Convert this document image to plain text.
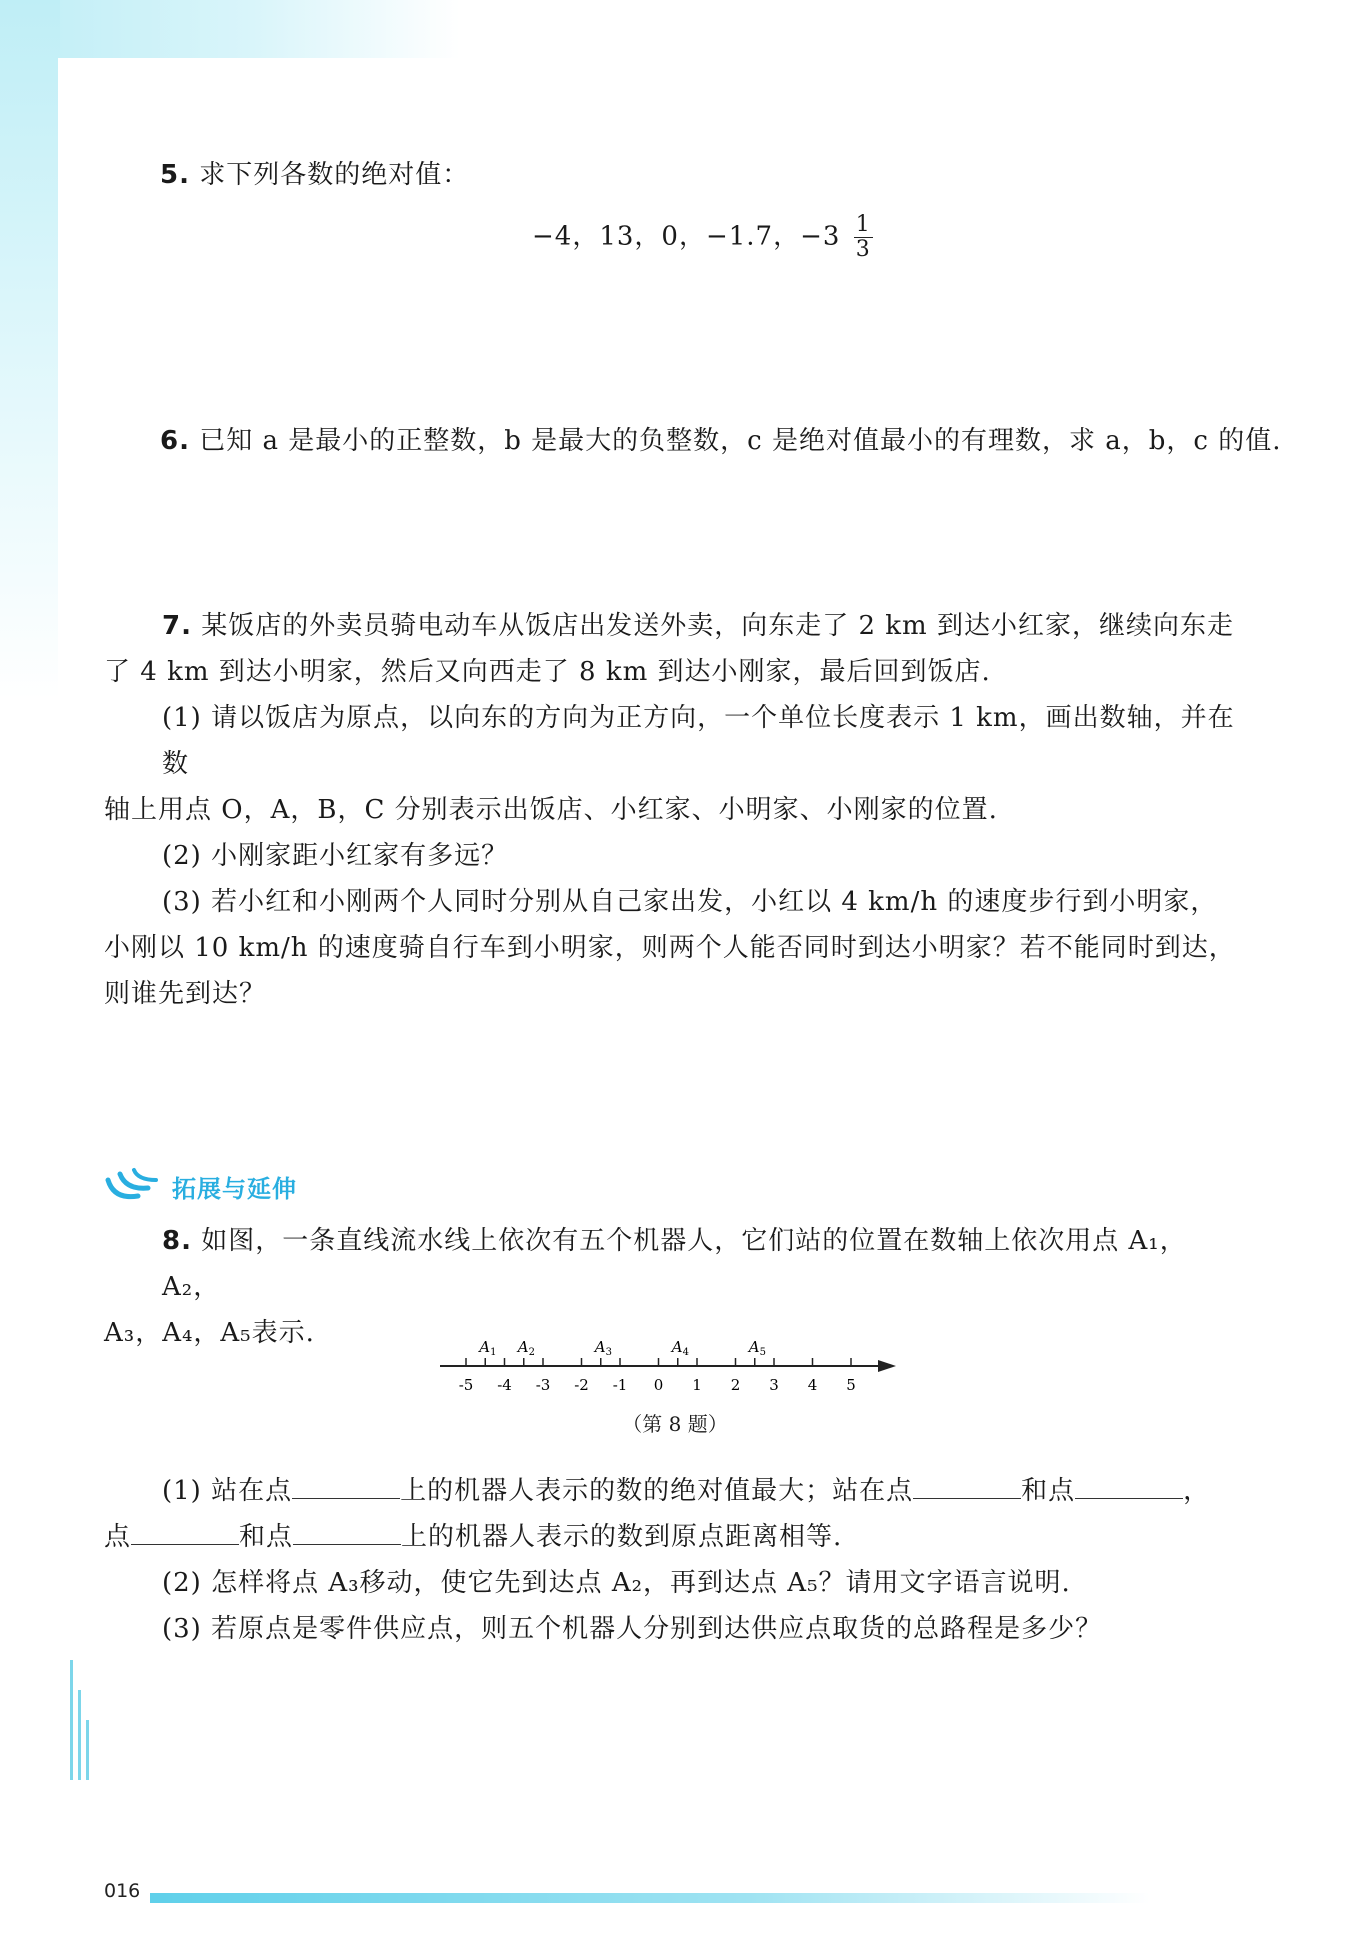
5. 求下列各数的绝对值：
−4，13，0，−1.7，$-3 \frac{1}{3}$
6. 已知 a 是最小的正整数，b 是最大的负整数，c 是绝对值最小的有理数，求 a，b，c 的值.
7. 某饭店的外卖员骑电动车从饭店出发送外卖，向东走了 2 km 到达小红家，继续向东走
了 4 km 到达小明家，然后又向西走了 8 km 到达小刚家，最后回到饭店.
(1) 请以饭店为原点，以向东的方向为正方向，一个单位长度表示 1 km，画出数轴，并在数
轴上用点 O，A，B，C 分别表示出饭店、小红家、小明家、小刚家的位置.
(2) 小刚家距小红家有多远？
(3) 若小红和小刚两个人同时分别从自己家出发，小红以 4 km/h 的速度步行到小明家，
小刚以 10 km/h 的速度骑自行车到小明家，则两个人能否同时到达小明家？若不能同时到达，
则谁先到达？
拓展与延伸
8. 如图，一条直线流水线上依次有五个机器人，它们站的位置在数轴上依次用点 A₁，A₂，
A₃，A₄，A₅表示.
-5 -4 -3 -2 -1 0 1 2 3 4 5
$A_1$ $A_2$	$A_3$	$A_4$	$A_5$
（第 8 题）
(1) 站在点	上的机器人表示的数的绝对值最大；站在点	和点	，
点	和点	上的机器人表示的数到原点距离相等.
(2) 怎样将点 A₃移动，使它先到达点 A₂，再到达点 A₅？请用文字语言说明.
(3) 若原点是零件供应点，则五个机器人分别到达供应点取货的总路程是多少？
016
